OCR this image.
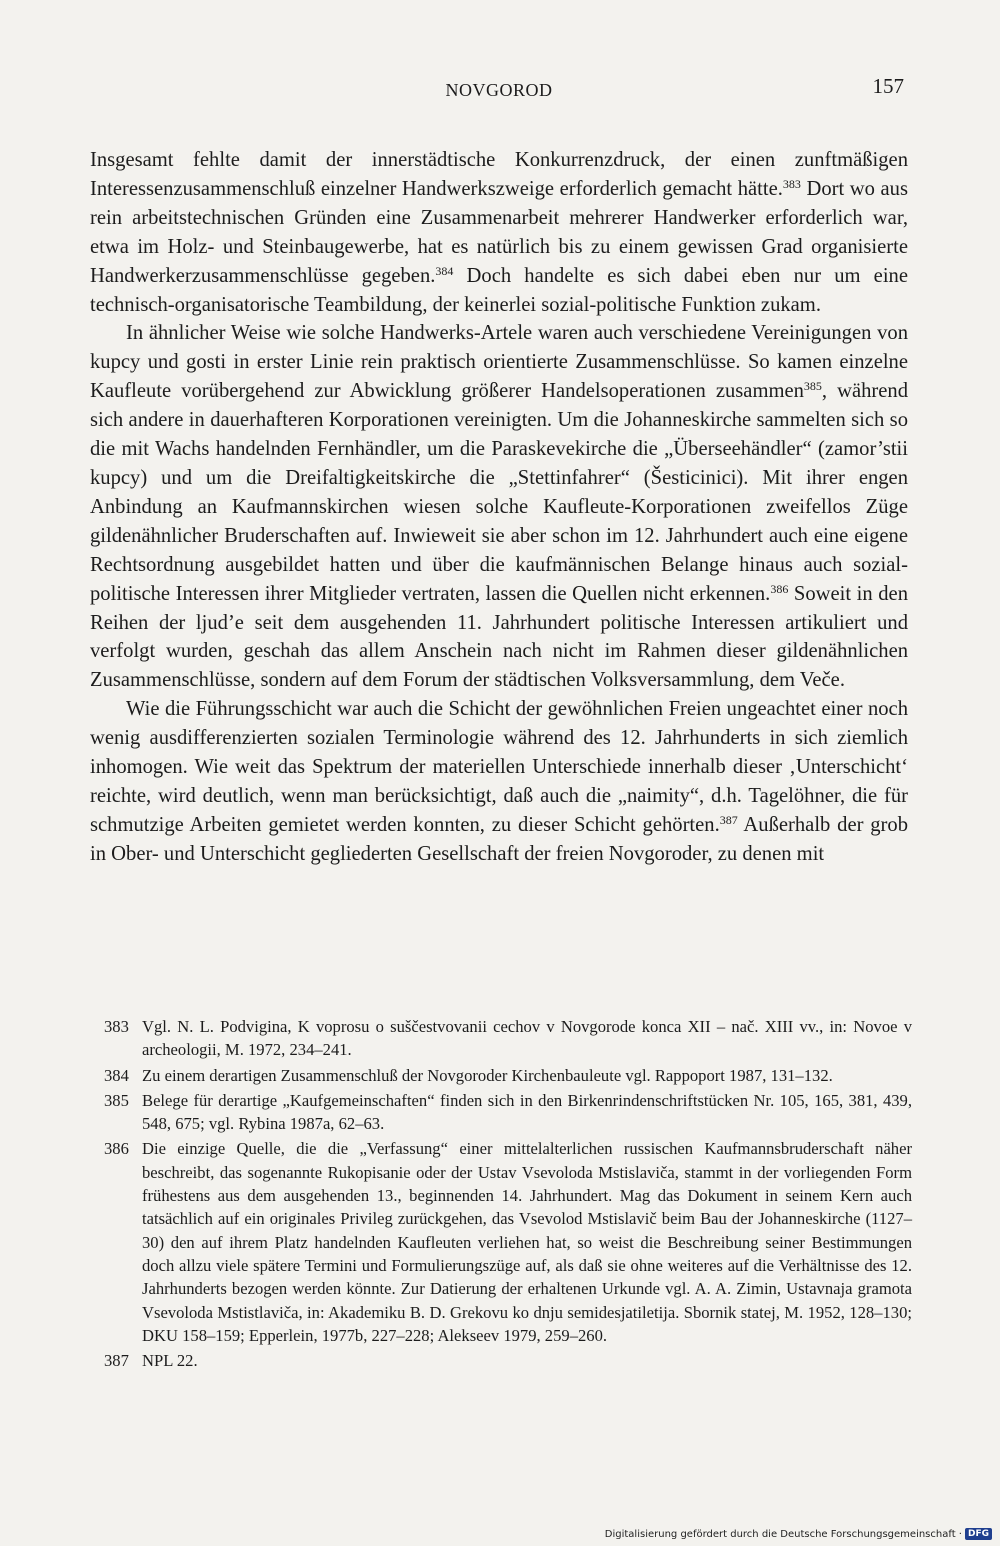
NOVGOROD	157

Insgesamt fehlte damit der innerstädtische Konkurrenzdruck, der einen zunftmäßigen Interessenzusammenschluß einzelner Handwerkszweige erforderlich gemacht hätte.$^{383}$ Dort wo aus rein arbeitstechnischen Gründen eine Zusammenarbeit mehrerer Handwerker erforderlich war, etwa im Holz- und Steinbaugewerbe, hat es natürlich bis zu einem gewissen Grad organisierte Handwerkerzusammenschlüsse gegeben.$^{384}$ Doch handelte es sich dabei eben nur um eine technisch-organisatorische Teambildung, der keinerlei sozial-politische Funktion zukam.

In ähnlicher Weise wie solche Handwerks-Artele waren auch verschiedene Vereinigungen von kupcy und gosti in erster Linie rein praktisch orientierte Zusammenschlüsse. So kamen einzelne Kaufleute vorübergehend zur Abwicklung größerer Handelsoperationen zusammen$^{385}$, während sich andere in dauerhafteren Korporationen vereinigten. Um die Johanneskirche sammelten sich so die mit Wachs handelnden Fernhändler, um die Paraskevekirche die „Überseehändler“ (zamor’stii kupcy) und um die Dreifaltigkeitskirche die „Stettinfahrer“ (Šesticinici). Mit ihrer engen Anbindung an Kaufmannskirchen wiesen solche Kaufleute-Korporationen zweifellos Züge gildenähnlicher Bruderschaften auf. Inwieweit sie aber schon im 12. Jahrhundert auch eine eigene Rechtsordnung ausgebildet hatten und über die kaufmännischen Belange hinaus auch sozial-politische Interessen ihrer Mitglieder vertraten, lassen die Quellen nicht erkennen.$^{386}$ Soweit in den Reihen der ljud’e seit dem ausgehenden 11. Jahrhundert politische Interessen artikuliert und verfolgt wurden, geschah das allem Anschein nach nicht im Rahmen dieser gildenähnlichen Zusammenschlüsse, sondern auf dem Forum der städtischen Volksversammlung, dem Veče.

Wie die Führungsschicht war auch die Schicht der gewöhnlichen Freien ungeachtet einer noch wenig ausdifferenzierten sozialen Terminologie während des 12. Jahrhunderts in sich ziemlich inhomogen. Wie weit das Spektrum der materiellen Unterschiede innerhalb dieser ‚Unterschicht‘ reichte, wird deutlich, wenn man berücksichtigt, daß auch die „naimity“, d.h. Tagelöhner, die für schmutzige Arbeiten gemietet werden konnten, zu dieser Schicht gehörten.$^{387}$ Außerhalb der grob in Ober- und Unterschicht gegliederten Gesellschaft der freien Novgoroder, zu denen mit

383 Vgl. N. L. Podvigina, K voprosu o suščestvovanii cechov v Novgorode konca XII – nač. XIII vv., in: Novoe v archeologii, M. 1972, 234–241.
384 Zu einem derartigen Zusammenschluß der Novgoroder Kirchenbauleute vgl. Rappoport 1987, 131–132.
385 Belege für derartige „Kaufgemeinschaften“ finden sich in den Birkenrindenschriftstücken Nr. 105, 165, 381, 439, 548, 675; vgl. Rybina 1987a, 62–63.
386 Die einzige Quelle, die die „Verfassung“ einer mittelalterlichen russischen Kaufmannsbruderschaft näher beschreibt, das sogenannte Rukopisanie oder der Ustav Vsevoloda Mstislaviča, stammt in der vorliegenden Form frühestens aus dem ausgehenden 13., beginnenden 14. Jahrhundert. Mag das Dokument in seinem Kern auch tatsächlich auf ein originales Privileg zurückgehen, das Vsevolod Mstislavič beim Bau der Johanneskirche (1127–30) den auf ihrem Platz handelnden Kaufleuten verliehen hat, so weist die Beschreibung seiner Bestimmungen doch allzu viele spätere Termini und Formulierungszüge auf, als daß sie ohne weiteres auf die Verhältnisse des 12. Jahrhunderts bezogen werden könnte. Zur Datierung der erhaltenen Urkunde vgl. A. A. Zimin, Ustavnaja gramota Vsevoloda Mstistlaviča, in: Akademiku B. D. Grekovu ko dnju semidesjatiletija. Sbornik statej, M. 1952, 128–130; DKU 158–159; Epperlein, 1977b, 227–228; Alekseev 1979, 259–260.
387 NPL 22.
Digitalisierung gefördert durch die Deutsche Forschungsgemeinschaft · DFG
